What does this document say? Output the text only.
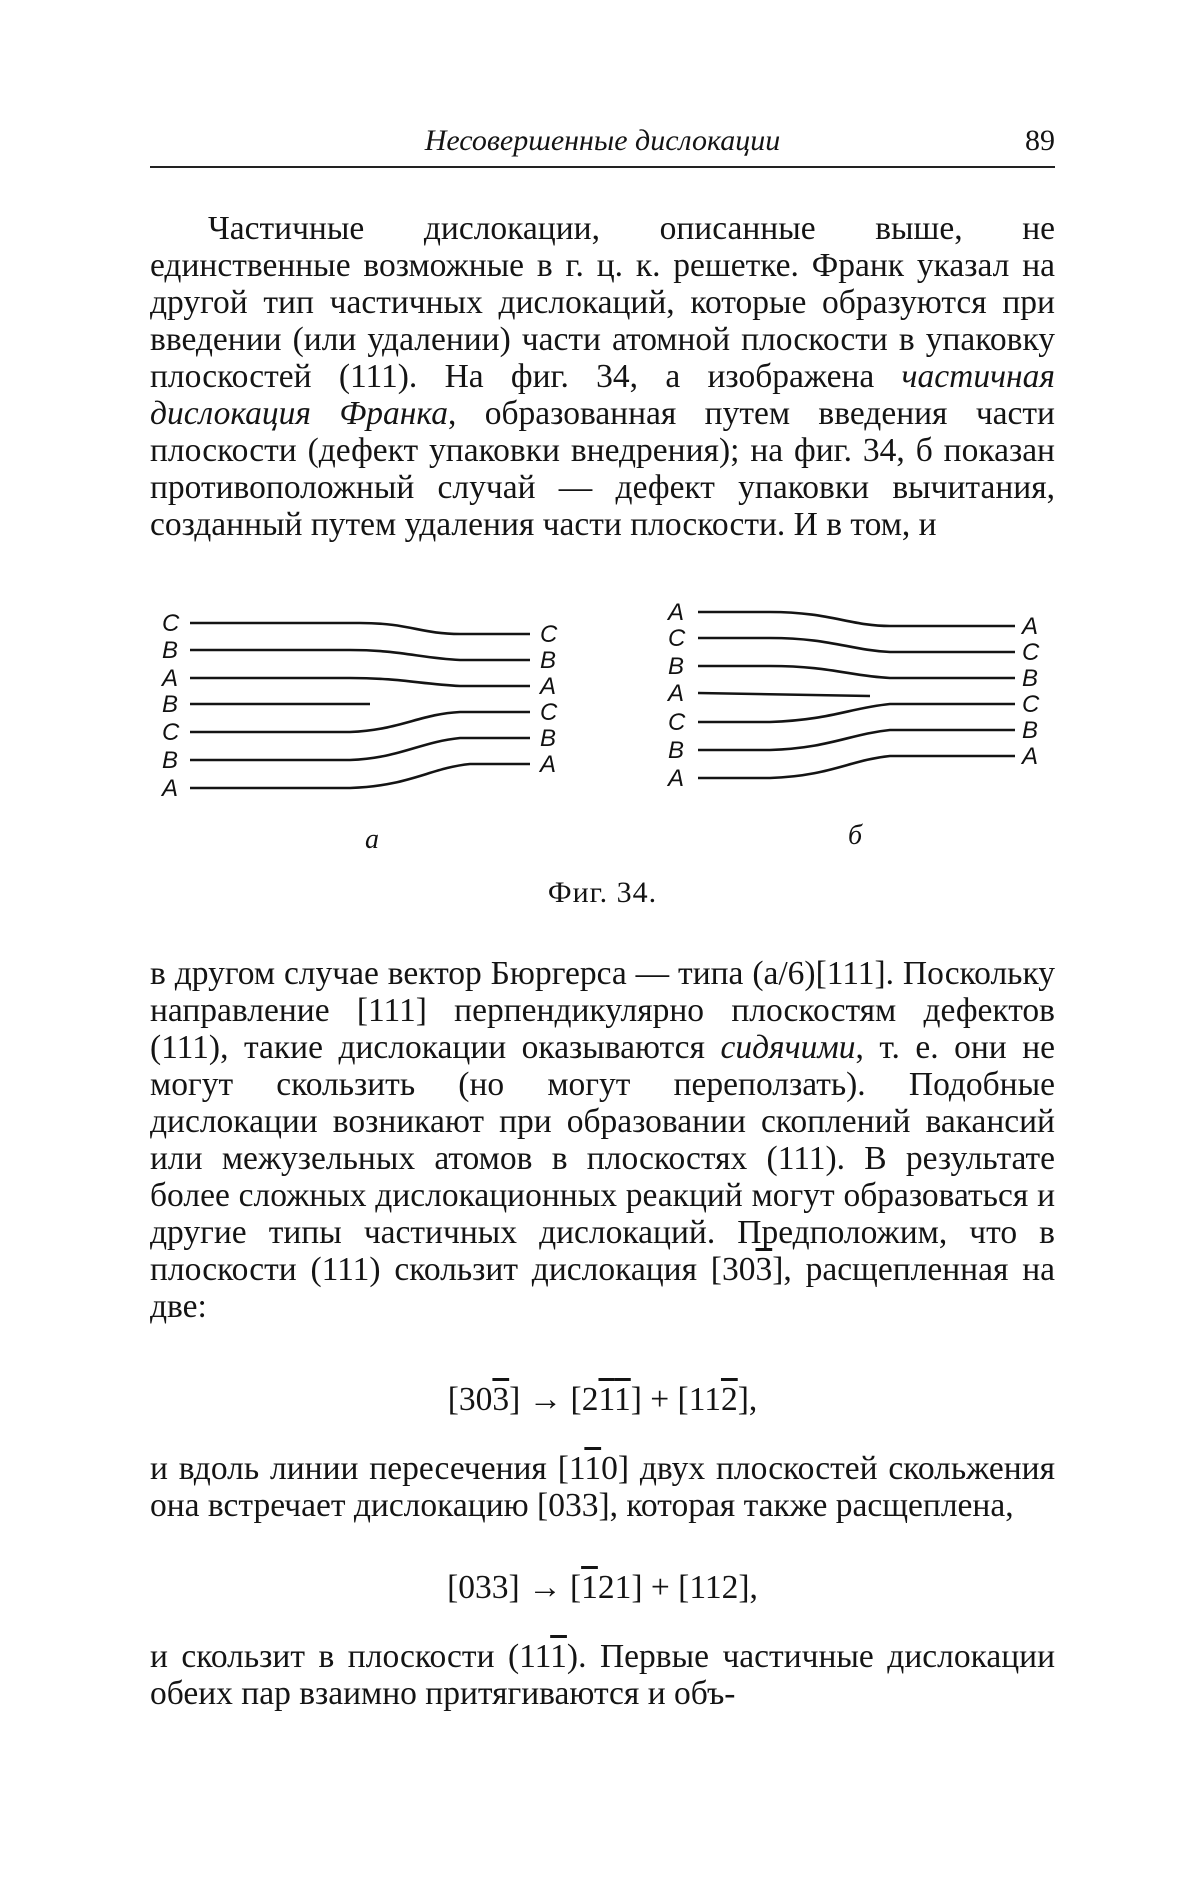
Несовершенные дислокации	89

Частичные дислокации, описанные выше, не единственные возможные в г. ц. к. решетке. Франк указал на другой тип частичных дислокаций, которые образуются при введении (или удалении) части атомной плоскости в упаковку плоскостей (111). На фиг. 34, а изображена частичная дислокация Франка, образованная путем введения части плоскости (дефект упаковки внедрения); на фиг. 34, б показан противоположный случай — дефект упаковки вычитания, созданный путем удаления части плоскости. И в том, и

C
B
A
B
C
B
A
C
B
A
C
B
A
а
A
C
B
A
C
B
A
A
C
B
C
B
A
б
Фиг. 34.

в другом случае вектор Бюргерса — типа (a/6)[111]. Поскольку направление [111] перпендикулярно плоскостям дефектов (111), такие дислокации оказываются сидячими, т. е. они не могут скользить (но могут переползать). Подобные дислокации возникают при образовании скоплений вакансий или межузельных атомов в плоскостях (111). В результате более сложных дислокационных реакций могут образоваться и другие типы частичных дислокаций. Предположим, что в плоскости (111) скользит дислокация [303], расщепленная на две:

[303] → [211] + [112],

и вдоль линии пересечения [110] двух плоскостей скольжения она встречает дислокацию [033], которая также расщеплена,

[033] → [121] + [112],

и скользит в плоскости (111). Первые частичные дислокации обеих пар взаимно притягиваются и объ-
